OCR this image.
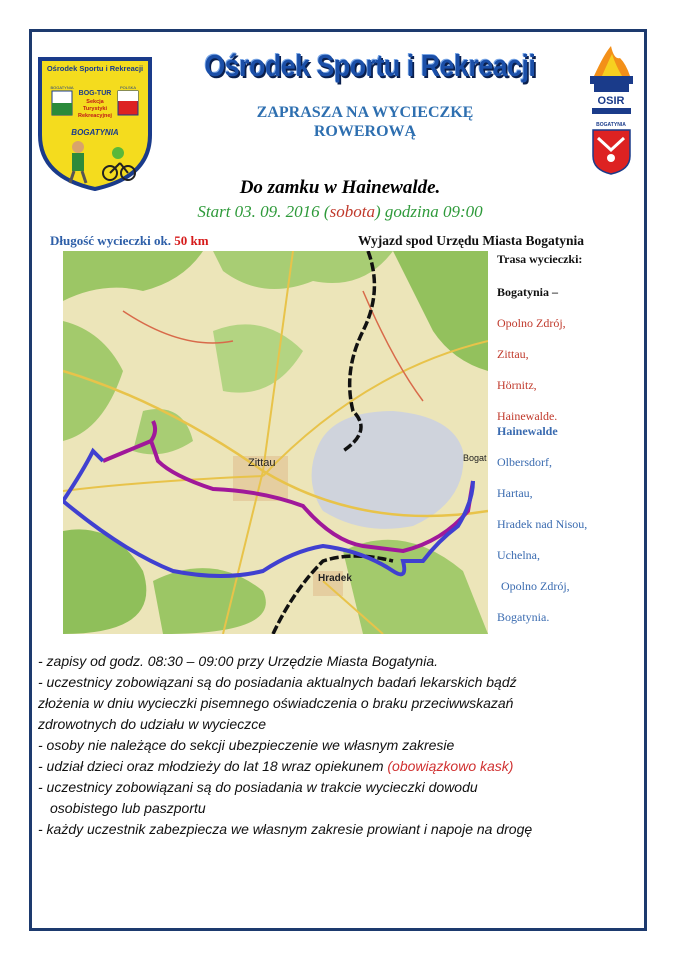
Ośrodek Sportu i Rekreacji
BOGATYNIA	POLSKA
BOG-TUR
Sekcja
Turystyki
Rekreacyjnej
BOGATYNIA
Ośrodek Sportu i Rekreacji
ZAPRASZA NA WYCIECZKĘ
ROWEROWĄ
OSIR
BOGATYNIA
Do zamku w Hainewalde.
Start 03. 09. 2016 (sobota) godzina 09:00
Długość wycieczki ok. 50 km	Wyjazd spod Urzędu Miasta Bogatynia
Zittau
Hradek
Bogat
Trasa wycieczki:
Bogatynia –
Opolno Zdrój,
Zittau,
Hörnitz,
Hainewalde.
Hainewalde
Olbersdorf,
Hartau,
Hradek nad Nisou,
Uchelna,
Opolno Zdrój,
Bogatynia.

- zapisy od godz. 08:30 – 09:00 przy Urzędzie Miasta Bogatynia.

- uczestnicy zobowiązani są do posiadania aktualnych badań lekarskich bądź

złożenia w dniu wycieczki pisemnego oświadczenia o braku przeciwwskazań

zdrowotnych do udziału w wycieczce

- osoby nie należące do sekcji ubezpieczenie we własnym zakresie

- udział dzieci oraz młodzieży do lat 18 wraz opiekunem (obowiązkowo kask)

- uczestnicy zobowiązani są do posiadania w trakcie wycieczki dowodu

osobistego lub paszportu

- każdy uczestnik zabezpiecza we własnym zakresie prowiant i napoje na drogę
